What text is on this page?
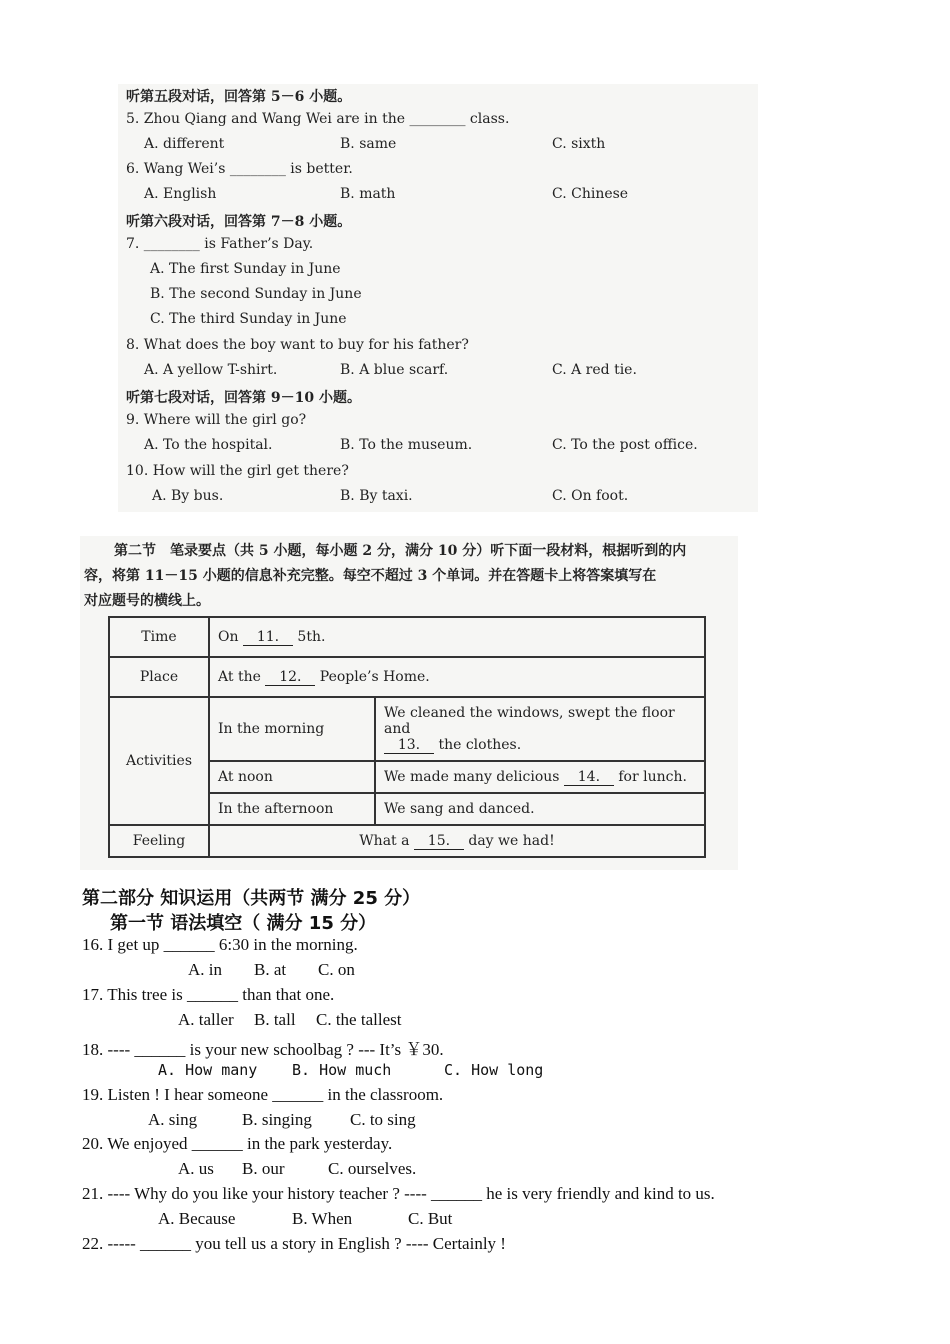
听第五段对话，回答第 5－6 小题。
5. Zhou Qiang and Wang Wei are in the ________ class.
A. different	B. same	C. sixth
6. Wang Wei’s ________ is better.
A. English	B. math	C. Chinese
听第六段对话，回答第 7－8 小题。
7. ________ is Father’s Day.
A. The first Sunday in June
B. The second Sunday in June
C. The third Sunday in June
8. What does the boy want to buy for his father?
A. A yellow T-shirt.	B. A blue scarf.	C. A red tie.
听第七段对话，回答第 9－10 小题。
9. Where will the girl go?
A. To the hospital.	B. To the museum.	C. To the post office.
10. How will the girl get there?
A. By bus.	B. By taxi.	C. On foot.
第二节　笔录要点（共 5 小题，每小题 2 分，满分 10 分）听下面一段材料，根据听到的内
容，将第 11－15 小题的信息补充完整。每空不超过 3 个单词。并在答题卡上将答案填写在
对应题号的横线上。
Time	On 11. 5th.	
Place	At the 12. People’s Home.	
Activities	In the morning	We cleaned the windows, swept the floor and
13. the clothes.
	At noon	We made many delicious 14. for lunch.
	In the afternoon	We sang and danced.
Feeling	What a 15. day we had!	
第二部分 知识运用（共两节 满分 25 分）
第一节 语法填空（ 满分 15 分）
16. I get up ______ 6:30 in the morning.
A. in B. at C. on
17. This tree is ______ than that one.
A. taller B. tall C. the tallest
18. ---- ______ is your new schoolbag ? --- It’s ￥30.
A. How many B. How much	C. How long
19. Listen ! I hear someone ______ in the classroom.
A. sing	B. singing C. to sing
20. We enjoyed ______ in the park yesterday.
A. us B. our	C. ourselves.
21. ---- Why do you like your history teacher ? ---- ______ he is very friendly and kind to us.
A. Because	B. When	C. But
22. ----- ______ you tell us a story in English ? ---- Certainly !
